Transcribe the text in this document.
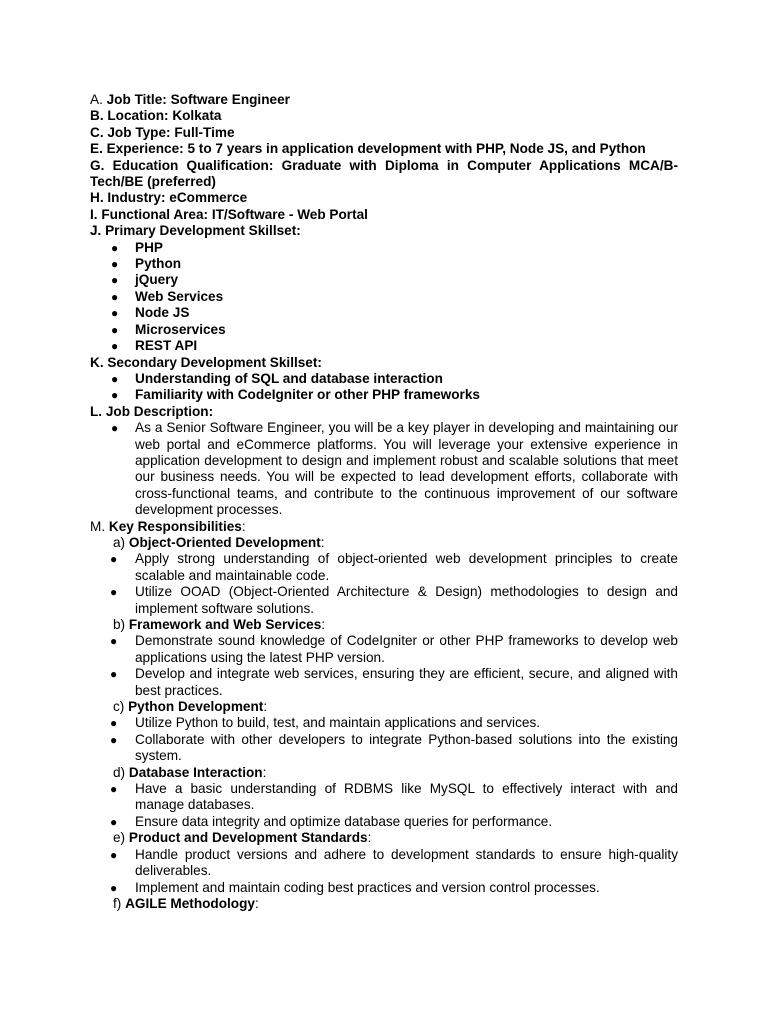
A. Job Title: Software Engineer

B. Location: Kolkata

C. Job Type: Full-Time

E. Experience: 5 to 7 years in application development with PHP, Node JS, and Python

G. Education Qualification: Graduate with Diploma in Computer Applications MCA/B-Tech/BE (preferred)

H. Industry: eCommerce

I. Functional Area: IT/Software - Web Portal

J. Primary Development Skillset:

● PHP
● Python
● jQuery
● Web Services
● Node JS
● Microservices
● REST API

K. Secondary Development Skillset:

● Understanding of SQL and database interaction
● Familiarity with CodeIgniter or other PHP frameworks

L. Job Description:

● As a Senior Software Engineer, you will be a key player in developing and maintaining our web portal and eCommerce platforms. You will leverage your extensive experience in application development to design and implement robust and scalable solutions that meet our business needs. You will be expected to lead development efforts, collaborate with cross-functional teams, and contribute to the continuous improvement of our software development processes.

M. Key Responsibilities:

a) Object-Oriented Development:

● Apply strong understanding of object-oriented web development principles to create scalable and maintainable code.
● Utilize OOAD (Object-Oriented Architecture & Design) methodologies to design and implement software solutions.

b) Framework and Web Services:

● Demonstrate sound knowledge of CodeIgniter or other PHP frameworks to develop web applications using the latest PHP version.
● Develop and integrate web services, ensuring they are efficient, secure, and aligned with best practices.

c) Python Development:

● Utilize Python to build, test, and maintain applications and services.
● Collaborate with other developers to integrate Python-based solutions into the existing system.

d) Database Interaction:

● Have a basic understanding of RDBMS like MySQL to effectively interact with and manage databases.
● Ensure data integrity and optimize database queries for performance.

e) Product and Development Standards:

● Handle product versions and adhere to development standards to ensure high-quality deliverables.
● Implement and maintain coding best practices and version control processes.

f) AGILE Methodology:
